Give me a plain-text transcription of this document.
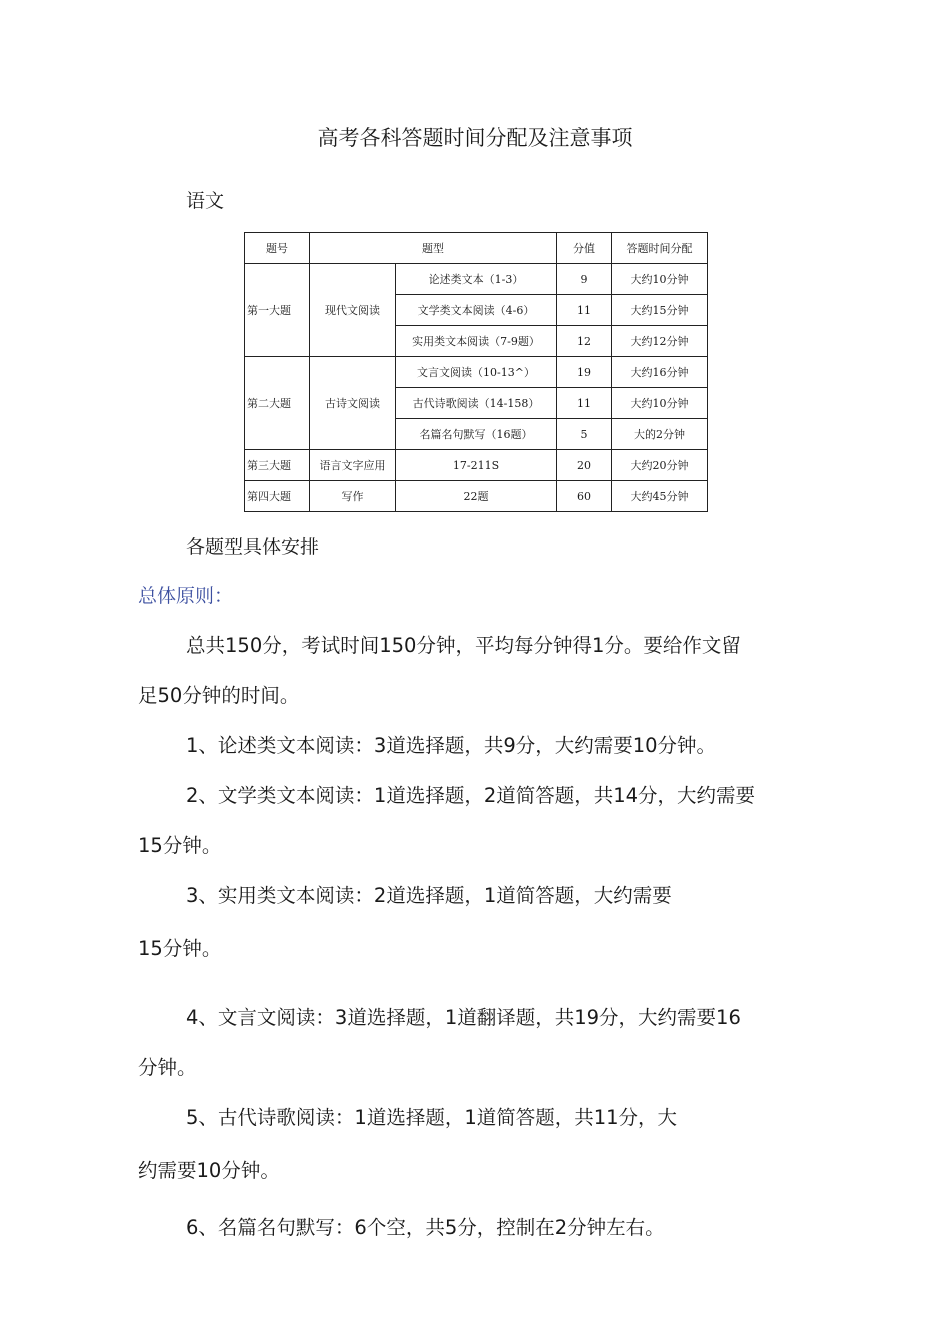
高考各科答题时间分配及注意事项
语文
题号	题型		分值	答题时间分配
第一大题	现代文阅读	论述类文本（1-3）	9	大约10分钟
		文学类文本阅读（4-6）	11	大约15分钟
		实用类文本阅读（7-9题）	12	大约12分钟
第二大题	古诗文阅读	文言文阅读（10-13^）	19	大约16分钟
		古代诗歌阅读（14-158）	11	大约10分钟
		名篇名句默写（16题）	5	大的2分钟
第三大题	语言文字应用	17-211S	20	大约20分钟
第四大题	写作	22题	60	大约45分钟
各题型具体安排
总体原则：
总共150分，考试时间150分钟，平均每分钟得1分。要给作文留
足50分钟的时间。
1、论述类文本阅读：3道选择题，共9分，大约需要10分钟。
2、文学类文本阅读：1道选择题，2道简答题，共14分，大约需要
15分钟。
3、实用类文本阅读：2道选择题，1道简答题，大约需要
15分钟。
4、文言文阅读：3道选择题，1道翻译题，共19分，大约需要16
分钟。
5、古代诗歌阅读：1道选择题，1道简答题，共11分，大
约需要10分钟。
6、名篇名句默写：6个空，共5分，控制在2分钟左右。
